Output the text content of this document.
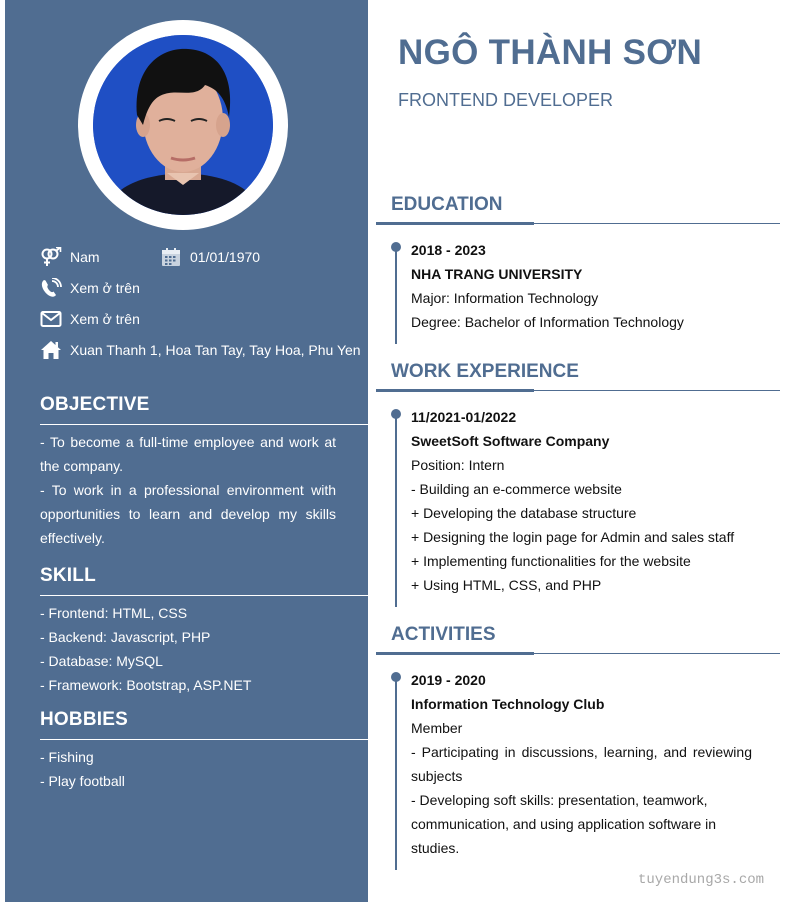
Nam	01/01/1970
Xem ở trên
Xem ở trên
Xuan Thanh 1, Hoa Tan Tay, Tay Hoa, Phu Yen
OBJECTIVE
- To become a full-time employee and work at the company.
- To work in a professional environment with opportunities to learn and develop my skills effectively.
SKILL
- Frontend: HTML, CSS
- Backend: Javascript, PHP
- Database: MySQL
- Framework: Bootstrap, ASP.NET
HOBBIES
- Fishing
- Play football
NGÔ THÀNH SƠN
FRONTEND DEVELOPER
EDUCATION
2018 - 2023
NHA TRANG UNIVERSITY
Major: Information Technology
Degree: Bachelor of Information Technology
WORK EXPERIENCE
11/2021-01/2022
SweetSoft Software Company
Position: Intern
- Building an e-commerce website
+ Developing the database structure
+ Designing the login page for Admin and sales staff
+ Implementing functionalities for the website
+ Using HTML, CSS, and PHP
ACTIVITIES
2019 - 2020
Information Technology Club
Member
- Participating in discussions, learning, and reviewing subjects
- Developing soft skills: presentation, teamwork, communication, and using application software in studies.
tuyendung3s.com
